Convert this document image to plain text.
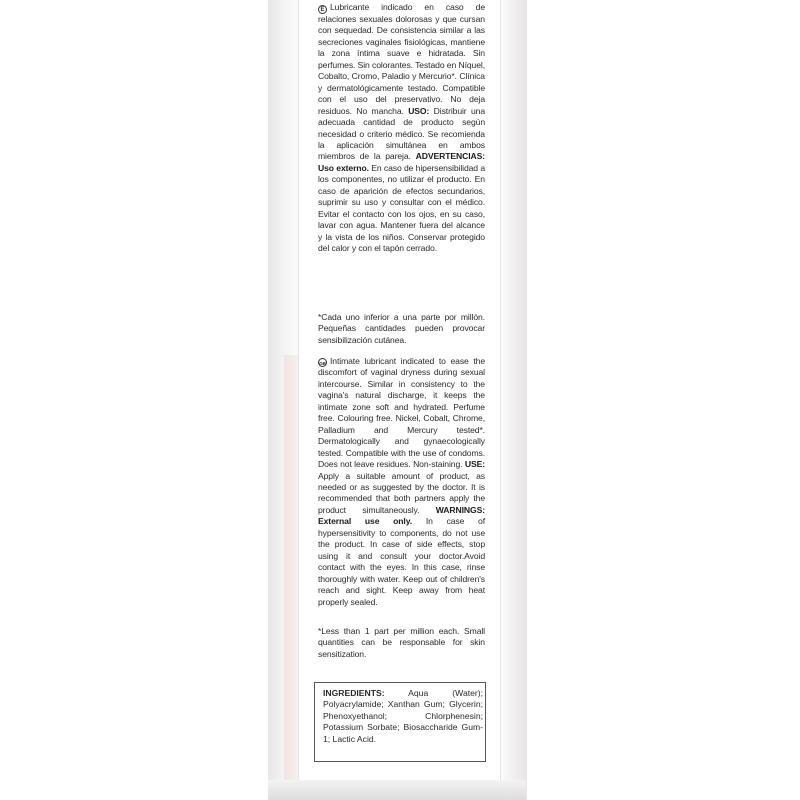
E Lubricante indicado en caso de relaciones sexuales dolorosas y que cursan con sequedad. De consistencia similar a las secreciones vaginales fisiológicas, mantiene la zona íntima suave e hidratada. Sin perfumes. Sin colorantes. Testado en Níquel, Cobalto, Cromo, Paladio y Mercurio*. Clínica y dermatológicamente testado. Compatible con el uso del preservativo. No deja residuos. No mancha. USO: Distribuir una adecuada cantidad de producto según necesidad o criterio médico. Se recomienda la aplicación simultánea en ambos miembros de la pareja. ADVERTENCIAS: Uso externo. En caso de hipersensibilidad a los componentes, no utilizar el producto. En caso de aparición de efectos secundarios, suprimir su uso y consultar con el médico. Evitar el contacto con los ojos, en su caso, lavar con agua. Mantener fuera del alcance y la vista de los niños. Conservar protegido del calor y con el tapón cerrado.
*Cada uno inferior a una parte por millón. Pequeñas cantidades pueden provocar sensibilización cutánea.
GB Intimate lubricant indicated to ease the discomfort of vaginal dryness during sexual intercourse. Similar in consistency to the vagina's natural discharge, it keeps the intimate zone soft and hydrated. Perfume free. Colouring free. Nickel, Cobalt, Chrome, Palladium and Mercury tested*. Dermatologically and gynaecologically tested. Compatible with the use of condoms. Does not leave residues. Non-staining. USE: Apply a suitable amount of product, as needed or as suggested by the doctor. It is recommended that both partners apply the product simultaneously. WARNINGS: External use only. In case of hypersensitivity to components, do not use the product. In case of side effects, stop using it and consult your doctor.Avoid contact with the eyes. In this case, rinse thoroughly with water. Keep out of children's reach and sight. Keep away from heat properly sealed.
*Less than 1 part per million each. Small quantities can be responsable for skin sensitization.
INGREDIENTS:	Aqua (Water); Polyacrylamide; Xanthan Gum; Glycerin; Phenoxyethanol; Chlorphenesin; Potassium Sorbate; Biosaccharide Gum-1; Lactic Acid.
